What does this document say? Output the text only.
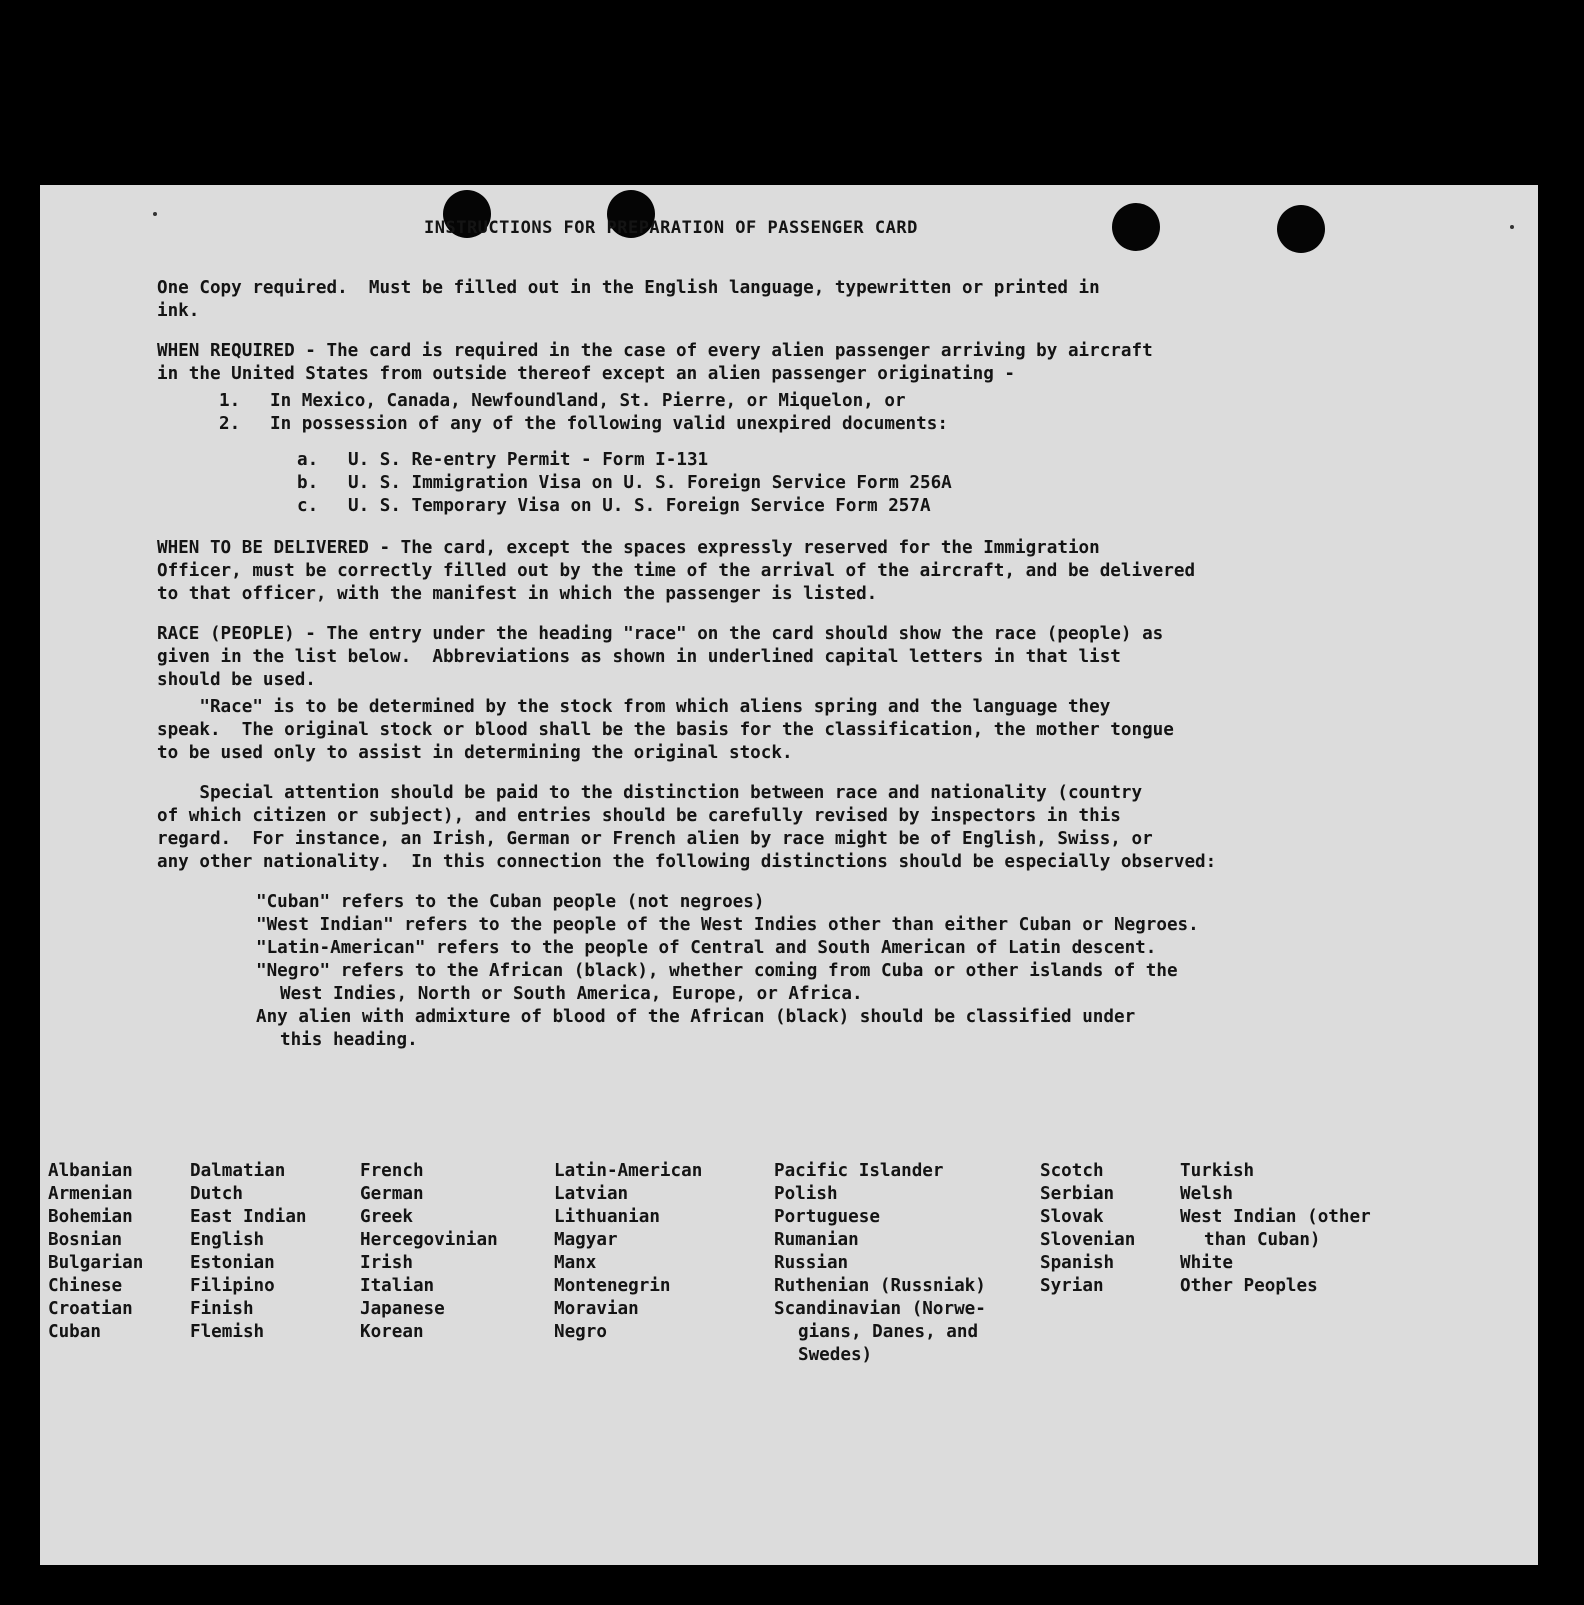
INSTRUCTIONS FOR PREPARATION OF PASSENGER CARD

One Copy required.  Must be filled out in the English language, typewritten or printed in
ink.

WHEN REQUIRED - The card is required in the case of every alien passenger arriving by aircraft
in the United States from outside thereof except an alien passenger originating -

1. In Mexico, Canada, Newfoundland, St. Pierre, or Miquelon, or
2. In possession of any of the following valid unexpired documents:
a. U. S. Re-entry Permit - Form I-131
b. U. S. Immigration Visa on U. S. Foreign Service Form 256A
c. U. S. Temporary Visa on U. S. Foreign Service Form 257A

WHEN TO BE DELIVERED - The card, except the spaces expressly reserved for the Immigration
Officer, must be correctly filled out by the time of the arrival of the aircraft, and be delivered
to that officer, with the manifest in which the passenger is listed.

RACE (PEOPLE) - The entry under the heading "race" on the card should show the race (people) as
given in the list below.  Abbreviations as shown in underlined capital letters in that list
should be used.

"Race" is to be determined by the stock from which aliens spring and the language they
speak.  The original stock or blood shall be the basis for the classification, the mother tongue
to be used only to assist in determining the original stock.

Special attention should be paid to the distinction between race and nationality (country
of which citizen or subject), and entries should be carefully revised by inspectors in this
regard.  For instance, an Irish, German or French alien by race might be of English, Swiss, or
any other nationality.  In this connection the following distinctions should be especially observed:

"Cuban" refers to the Cuban people (not negroes)
"West Indian" refers to the people of the West Indies other than either Cuban or Negroes.
"Latin-American" refers to the people of Central and South American of Latin descent.
"Negro" refers to the African (black), whether coming from Cuba or other islands of the
West Indies, North or South America, Europe, or Africa.
Any alien with admixture of blood of the African (black) should be classified under
this heading.
Albanian
Armenian
Bohemian
Bosnian
Bulgarian
Chinese
Croatian
Cuban
Dalmatian
Dutch
East Indian
English
Estonian
Filipino
Finish
Flemish
French
German
Greek
Hercegovinian
Irish
Italian
Japanese
Korean
Latin-American
Latvian
Lithuanian
Magyar
Manx
Montenegrin
Moravian
Negro
Pacific Islander
Polish
Portuguese
Rumanian
Russian
Ruthenian (Russniak)
Scandinavian (Norwe-
gians, Danes, and
Swedes)
Scotch
Serbian
Slovak
Slovenian
Spanish
Syrian
Turkish
Welsh
West Indian (other
than Cuban)
White
Other Peoples
